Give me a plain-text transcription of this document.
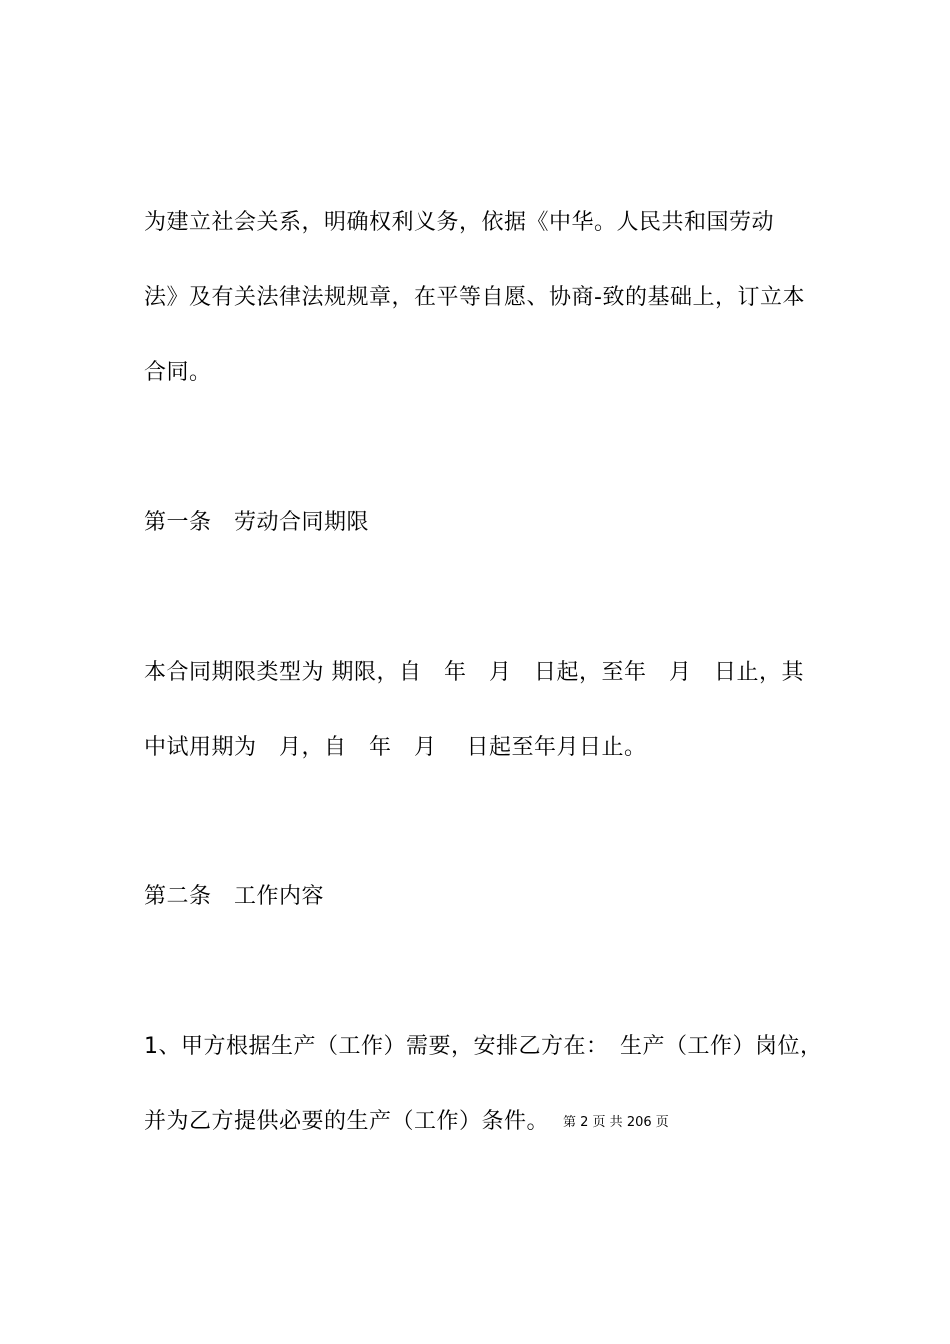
为建立社会关系，明确权利义务，依据《中华。人民共和国劳动
法》及有关法律法规规章，在平等自愿、协商-致的基础上，订立本
合同。
第一条　劳动合同期限
本合同期限类型为 期限，自　年　月　日起，至年　月　日止，其
中试用期为　月，自　年　月　 日起至年月日止。
第二条　工作内容
1、甲方根据生产（工作）需要，安排乙方在：　生产（工作）岗位，
并为乙方提供必要的生产（工作）条件。 第 2 页 共 206 页
